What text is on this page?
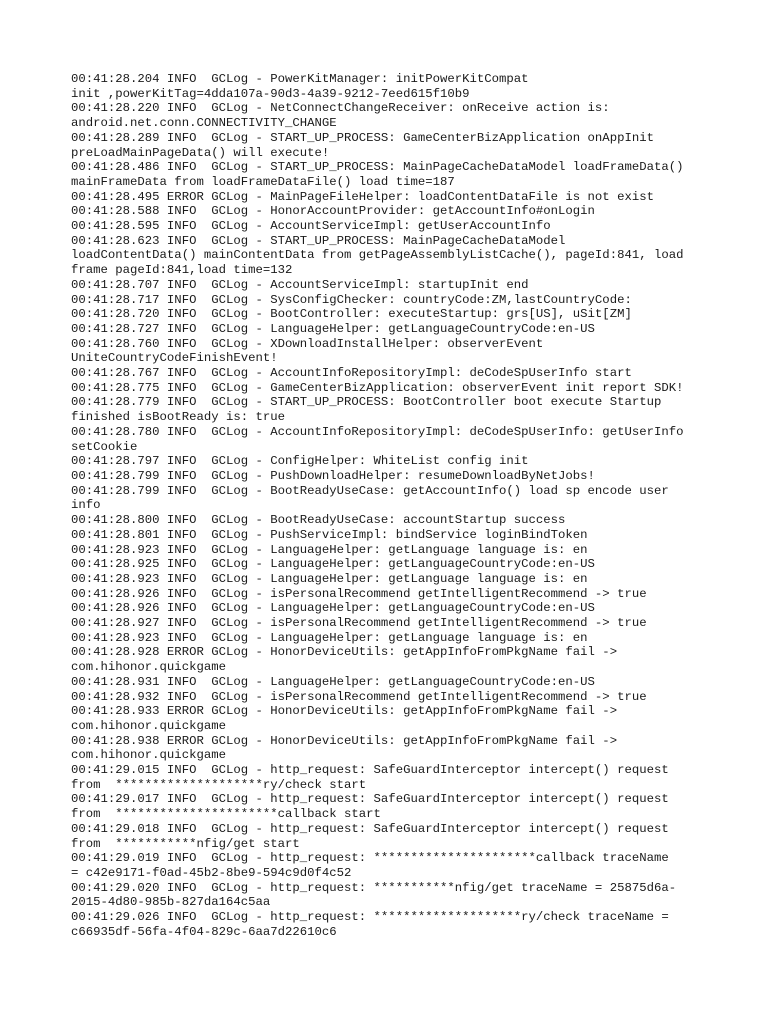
00:41:28.204 INFO  GCLog - PowerKitManager: initPowerKitCompat
init ,powerKitTag=4dda107a-90d3-4a39-9212-7eed615f10b9
00:41:28.220 INFO  GCLog - NetConnectChangeReceiver: onReceive action is:
android.net.conn.CONNECTIVITY_CHANGE
00:41:28.289 INFO  GCLog - START_UP_PROCESS: GameCenterBizApplication onAppInit
preLoadMainPageData() will execute!
00:41:28.486 INFO  GCLog - START_UP_PROCESS: MainPageCacheDataModel loadFrameData()
mainFrameData from loadFrameDataFile() load time=187
00:41:28.495 ERROR GCLog - MainPageFileHelper: loadContentDataFile is not exist
00:41:28.588 INFO  GCLog - HonorAccountProvider: getAccountInfo#onLogin
00:41:28.595 INFO  GCLog - AccountServiceImpl: getUserAccountInfo
00:41:28.623 INFO  GCLog - START_UP_PROCESS: MainPageCacheDataModel
loadContentData() mainContentData from getPageAssemblyListCache(), pageId:841, load
frame pageId:841,load time=132
00:41:28.707 INFO  GCLog - AccountServiceImpl: startupInit end
00:41:28.717 INFO  GCLog - SysConfigChecker: countryCode:ZM,lastCountryCode:
00:41:28.720 INFO  GCLog - BootController: executeStartup: grs[US], uSit[ZM]
00:41:28.727 INFO  GCLog - LanguageHelper: getLanguageCountryCode:en-US
00:41:28.760 INFO  GCLog - XDownloadInstallHelper: observerEvent
UniteCountryCodeFinishEvent!
00:41:28.767 INFO  GCLog - AccountInfoRepositoryImpl: deCodeSpUserInfo start
00:41:28.775 INFO  GCLog - GameCenterBizApplication: observerEvent init report SDK!
00:41:28.779 INFO  GCLog - START_UP_PROCESS: BootController boot execute Startup
finished isBootReady is: true
00:41:28.780 INFO  GCLog - AccountInfoRepositoryImpl: deCodeSpUserInfo: getUserInfo
setCookie
00:41:28.797 INFO  GCLog - ConfigHelper: WhiteList config init
00:41:28.799 INFO  GCLog - PushDownloadHelper: resumeDownloadByNetJobs!
00:41:28.799 INFO  GCLog - BootReadyUseCase: getAccountInfo() load sp encode user
info
00:41:28.800 INFO  GCLog - BootReadyUseCase: accountStartup success
00:41:28.801 INFO  GCLog - PushServiceImpl: bindService loginBindToken
00:41:28.923 INFO  GCLog - LanguageHelper: getLanguage language is: en
00:41:28.925 INFO  GCLog - LanguageHelper: getLanguageCountryCode:en-US
00:41:28.923 INFO  GCLog - LanguageHelper: getLanguage language is: en
00:41:28.926 INFO  GCLog - isPersonalRecommend getIntelligentRecommend -> true
00:41:28.926 INFO  GCLog - LanguageHelper: getLanguageCountryCode:en-US
00:41:28.927 INFO  GCLog - isPersonalRecommend getIntelligentRecommend -> true
00:41:28.923 INFO  GCLog - LanguageHelper: getLanguage language is: en
00:41:28.928 ERROR GCLog - HonorDeviceUtils: getAppInfoFromPkgName fail ->
com.hihonor.quickgame
00:41:28.931 INFO  GCLog - LanguageHelper: getLanguageCountryCode:en-US
00:41:28.932 INFO  GCLog - isPersonalRecommend getIntelligentRecommend -> true
00:41:28.933 ERROR GCLog - HonorDeviceUtils: getAppInfoFromPkgName fail ->
com.hihonor.quickgame
00:41:28.938 ERROR GCLog - HonorDeviceUtils: getAppInfoFromPkgName fail ->
com.hihonor.quickgame
00:41:29.015 INFO  GCLog - http_request: SafeGuardInterceptor intercept() request
from  ********************ry/check start
00:41:29.017 INFO  GCLog - http_request: SafeGuardInterceptor intercept() request
from  **********************callback start
00:41:29.018 INFO  GCLog - http_request: SafeGuardInterceptor intercept() request
from  ***********nfig/get start
00:41:29.019 INFO  GCLog - http_request: **********************callback traceName
= c42e9171-f0ad-45b2-8be9-594c9d0f4c52
00:41:29.020 INFO  GCLog - http_request: ***********nfig/get traceName = 25875d6a-
2015-4d80-985b-827da164c5aa
00:41:29.026 INFO  GCLog - http_request: ********************ry/check traceName =
c66935df-56fa-4f04-829c-6aa7d22610c6
